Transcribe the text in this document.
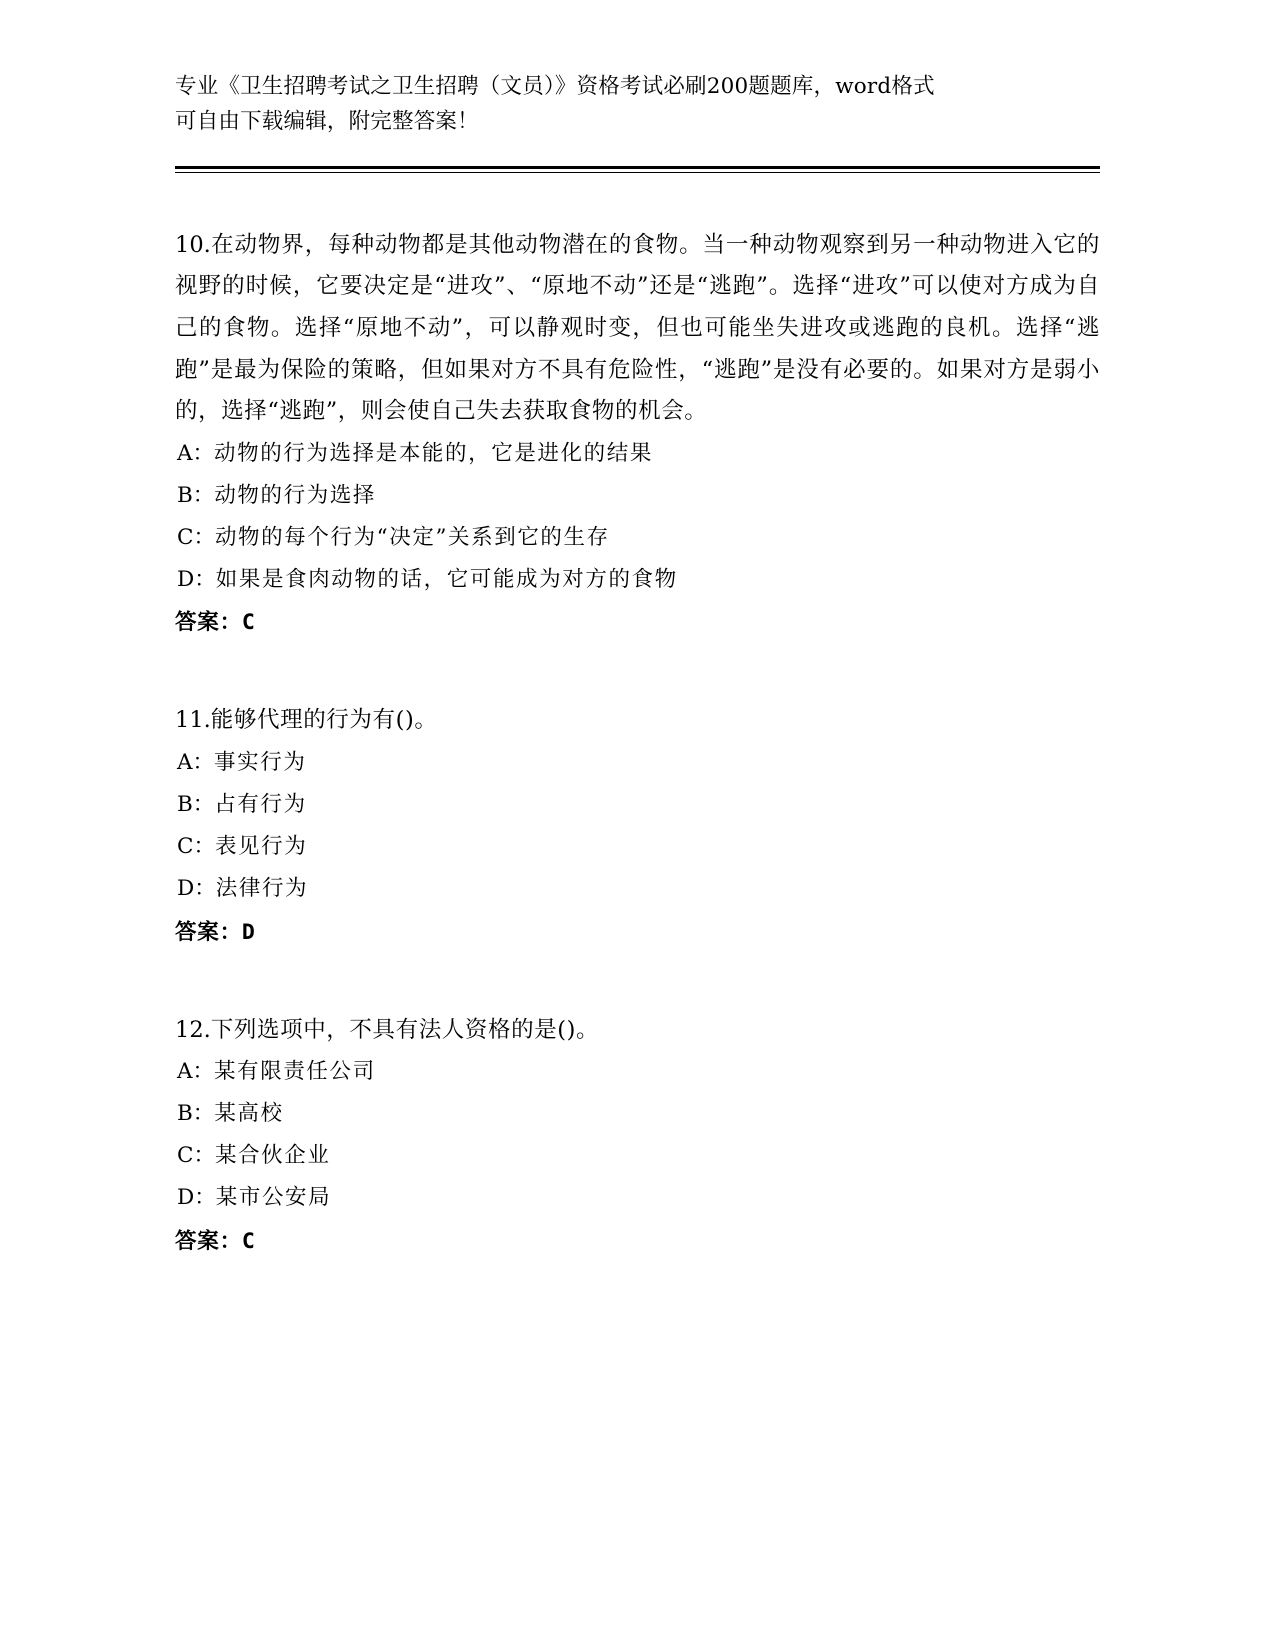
专业《卫生招聘考试之卫生招聘（文员）》资格考试必刷200题题库，word格式
可自由下载编辑，附完整答案！
10.在动物界，每种动物都是其他动物潜在的食物。当一种动物观察到另一种动物进入它的视野的时候，它要决定是“进攻”、“原地不动”还是“逃跑”。选择“进攻”可以使对方成为自己的食物。选择“原地不动”，可以静观时变，但也可能坐失进攻或逃跑的良机。选择“逃跑”是最为保险的策略，但如果对方不具有危险性，“逃跑”是没有必要的。如果对方是弱小的，选择“逃跑”，则会使自己失去获取食物的机会。
A：动物的行为选择是本能的，它是进化的结果
B：动物的行为选择
C：动物的每个行为“决定”关系到它的生存
D：如果是食肉动物的话，它可能成为对方的食物
答案：C
11.能够代理的行为有()。
A：事实行为
B：占有行为
C：表见行为
D：法律行为
答案：D
12.下列选项中，不具有法人资格的是()。
A：某有限责任公司
B：某高校
C：某合伙企业
D：某市公安局
答案：C
